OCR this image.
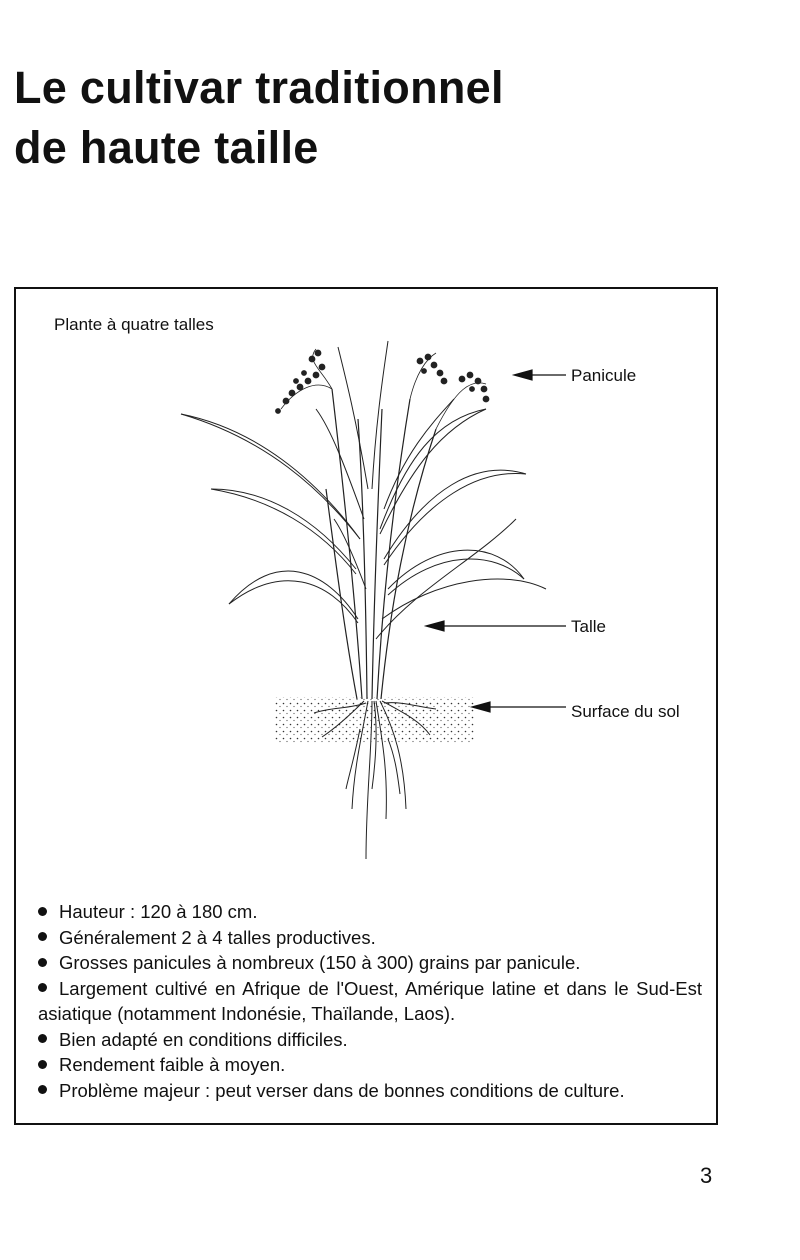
Le cultivar traditionnel
de haute taille
Plante à quatre talles
Panicule
Talle
Surface du sol
Hauteur : 120 à 180 cm.
Généralement 2 à 4 talles productives.
Grosses panicules à nombreux (150 à 300) grains par panicule.
Largement cultivé en Afrique de l'Ouest, Amérique latine et dans le Sud-Est asiatique (notamment Indonésie, Thaïlande, Laos).
Bien adapté en conditions difficiles.
Rendement faible à moyen.
Problème majeur : peut verser dans de bonnes conditions de culture.
3
